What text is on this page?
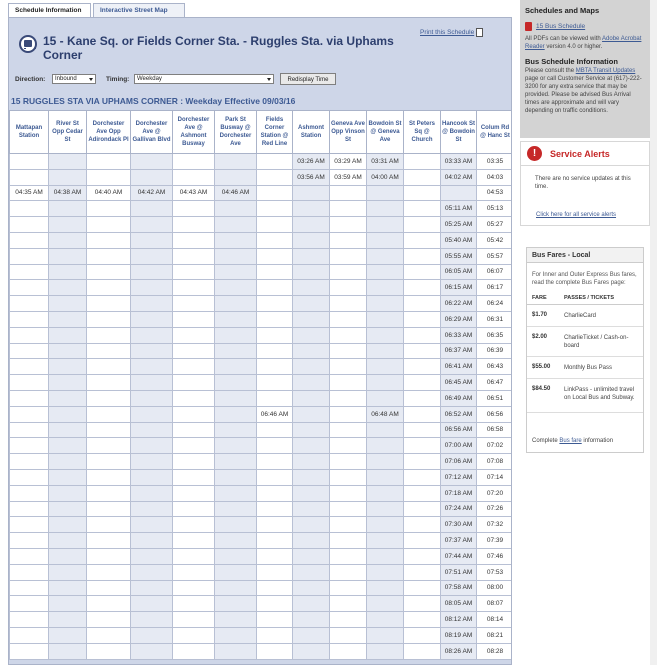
Schedule Information	Interactive Street Map
15 - Kane Sq. or Fields Corner Sta. - Ruggles Sta. via Uphams Corner
Print this Schedule
Direction:	Inbound	Timing:	Weekday	Redisplay Time
15 RUGGLES STA VIA UPHAMS CORNER : Weekday Effective 09/03/16
Mattapan Station	River St Opp Cedar St	Dorchester Ave Opp Adirondack Pl	Dorchester Ave @ Gallivan Blvd	Dorchester Ave @ Ashmont Busway	Park St Busway @ Dorchester Ave	Fields Corner Station @ Red Line	Ashmont Station	Geneva Ave Opp Vinson St	Bowdoin St @ Geneva Ave	St Peters Sq @ Church	Hancook St @ Bowdoin St	Colum Rd @ Hanc St
							03:26 AM	03:29 AM	03:31 AM		03:33 AM	03:35
							03:56 AM	03:59 AM	04:00 AM		04:02 AM	04:03
04:35 AM	04:38 AM	04:40 AM	04:42 AM	04:43 AM	04:46 AM							04:53
											05:11 AM	05:13
											05:25 AM	05:27
											05:40 AM	05:42
											05:55 AM	05:57
											06:05 AM	06:07
											06:15 AM	06:17
											06:22 AM	06:24
											06:29 AM	06:31
											06:33 AM	06:35
											06:37 AM	06:39
											06:41 AM	06:43
											06:45 AM	06:47
											06:49 AM	06:51
						06:46 AM			06:48 AM		06:52 AM	06:56
											06:56 AM	06:58
											07:00 AM	07:02
											07:06 AM	07:08
											07:12 AM	07:14
											07:18 AM	07:20
											07:24 AM	07:26
											07:30 AM	07:32
											07:37 AM	07:39
											07:44 AM	07:46
											07:51 AM	07:53
											07:58 AM	08:00
											08:05 AM	08:07
											08:12 AM	08:14
											08:19 AM	08:21
											08:26 AM	08:28
Schedules and Maps
15 Bus Schedule
All PDFs can be viewed with Adobe Acrobat Reader version 4.0 or higher.
Bus Schedule Information
Please consult the MBTA Transit Updates page or call Customer Service at (617)-222-3200 for any extra service that may be provided. Please be advised Bus Arrival times are approximate and will vary depending on traffic conditions.
!	Service Alerts
There are no service updates at this time.
Click here for all service alerts
Bus Fares - Local
For Inner and Outer Express Bus fares, read the complete Bus Fares page:
FARE	PASSES / TICKETS
$1.70	CharlieCard
$2.00	CharlieTicket / Cash-on-board
$55.00 Monthly Bus Pass
$84.50 LinkPass - unlimited travel on Local Bus and Subway.
Complete Bus fare information
